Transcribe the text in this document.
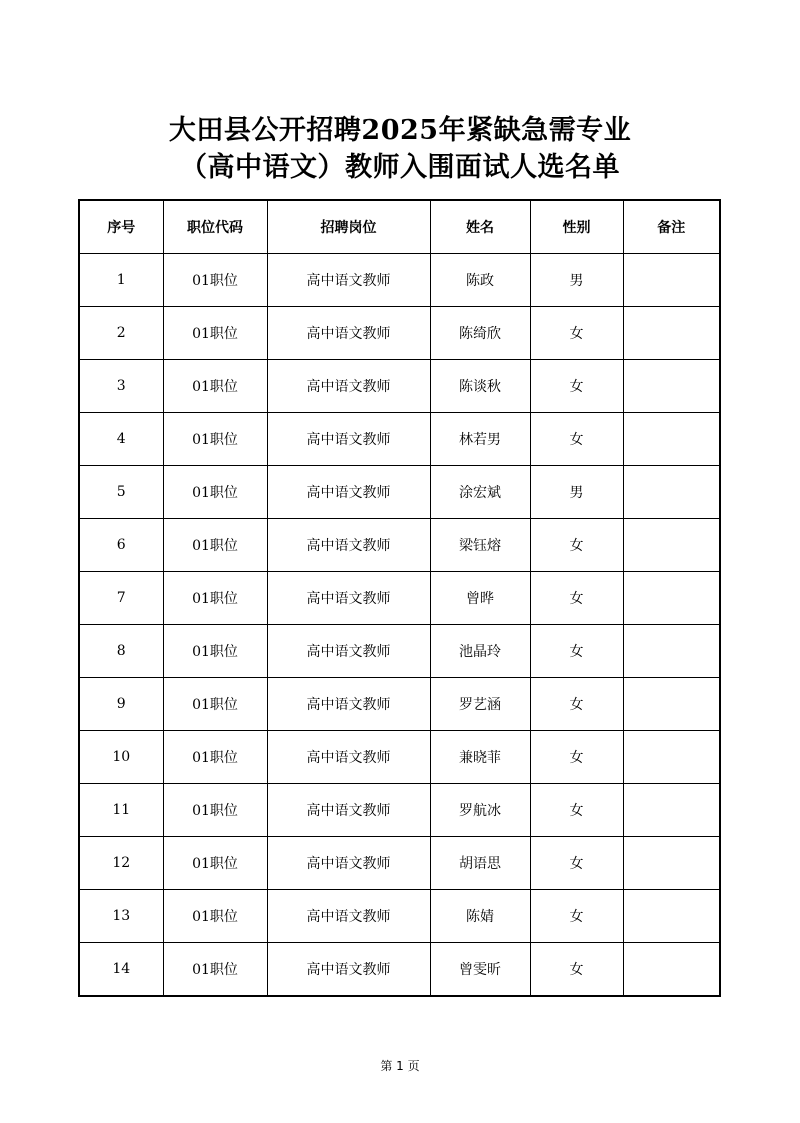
大田县公开招聘2025年紧缺急需专业
（高中语文）教师入围面试人选名单
序号	职位代码	招聘岗位	姓名	性别	备注
1	01职位	高中语文教师	陈政	男	
2	01职位	高中语文教师	陈绮欣	女	
3	01职位	高中语文教师	陈谈秋	女	
4	01职位	高中语文教师	林若男	女	
5	01职位	高中语文教师	涂宏斌	男	
6	01职位	高中语文教师	梁钰熔	女	
7	01职位	高中语文教师	曾晔	女	
8	01职位	高中语文教师	池晶玲	女	
9	01职位	高中语文教师	罗艺涵	女	
10	01职位	高中语文教师	兼晓菲	女	
11	01职位	高中语文教师	罗航冰	女	
12	01职位	高中语文教师	胡语思	女	
13	01职位	高中语文教师	陈婧	女	
14	01职位	高中语文教师	曾雯昕	女	
第 1 页
